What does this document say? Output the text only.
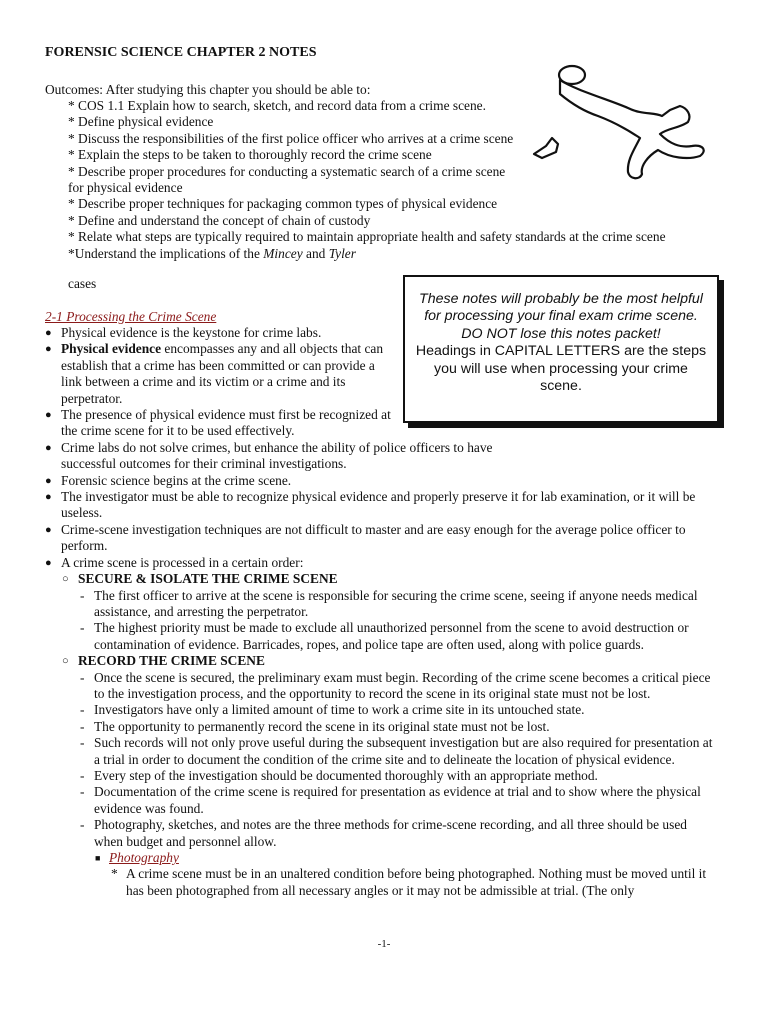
FORENSIC SCIENCE CHAPTER 2 NOTES
Outcomes: After studying this chapter you should be able to:
* COS 1.1 Explain how to search, sketch, and record data from a crime scene.
* Define physical evidence
* Discuss the responsibilities of the first police officer who arrives at a crime scene
* Explain the steps to be taken to thoroughly record the crime scene
* Describe proper procedures for conducting a systematic search of a crime scene for physical evidence
* Describe proper techniques for packaging common types of physical evidence
* Define and understand the concept of chain of custody
* Relate what steps are typically required to maintain appropriate health and safety standards at the crime scene
*Understand the implications of the Mincey and Tyler
cases
These notes will probably be the most helpful for processing your final exam crime scene. DO NOT lose this notes packet!
Headings in CAPITAL LETTERS are the steps you will use when processing your crime scene.
2-1 Processing the Crime Scene
● Physical evidence is the keystone for crime labs.
● Physical evidence encompasses any and all objects that can establish that a crime has been committed or can provide a link between a crime and its victim or a crime and its perpetrator.
● The presence of physical evidence must first be recognized at the crime scene for it to be used effectively.
● Crime labs do not solve crimes, but enhance the ability of police officers to have successful outcomes for their criminal investigations.
● Forensic science begins at the crime scene.
● The investigator must be able to recognize physical evidence and properly preserve it for lab examination, or it will be useless.
● Crime-scene investigation techniques are not difficult to master and are easy enough for the average police officer to perform.
● A crime scene is processed in a certain order:
○ SECURE & ISOLATE THE CRIME SCENE
- The first officer to arrive at the scene is responsible for securing the crime scene, seeing if anyone needs medical assistance, and arresting the perpetrator.
- The highest priority must be made to exclude all unauthorized personnel from the scene to avoid destruction or contamination of evidence. Barricades, ropes, and police tape are often used, along with police guards.
○ RECORD THE CRIME SCENE
- Once the scene is secured, the preliminary exam must begin. Recording of the crime scene becomes a critical piece to the investigation process, and the opportunity to record the scene in its original state must not be lost.
- Investigators have only a limited amount of time to work a crime site in its untouched state.
- The opportunity to permanently record the scene in its original state must not be lost.
- Such records will not only prove useful during the subsequent investigation but are also required for presentation at a trial in order to document the condition of the crime site and to delineate the location of physical evidence.
- Every step of the investigation should be documented thoroughly with an appropriate method.
- Documentation of the crime scene is required for presentation as evidence at trial and to show where the physical evidence was found.
- Photography, sketches, and notes are the three methods for crime-scene recording, and all three should be used when budget and personnel allow.
■ Photography
* A crime scene must be in an unaltered condition before being photographed. Nothing must be moved until it has been photographed from all necessary angles or it may not be admissible at trial. (The only
-1-
